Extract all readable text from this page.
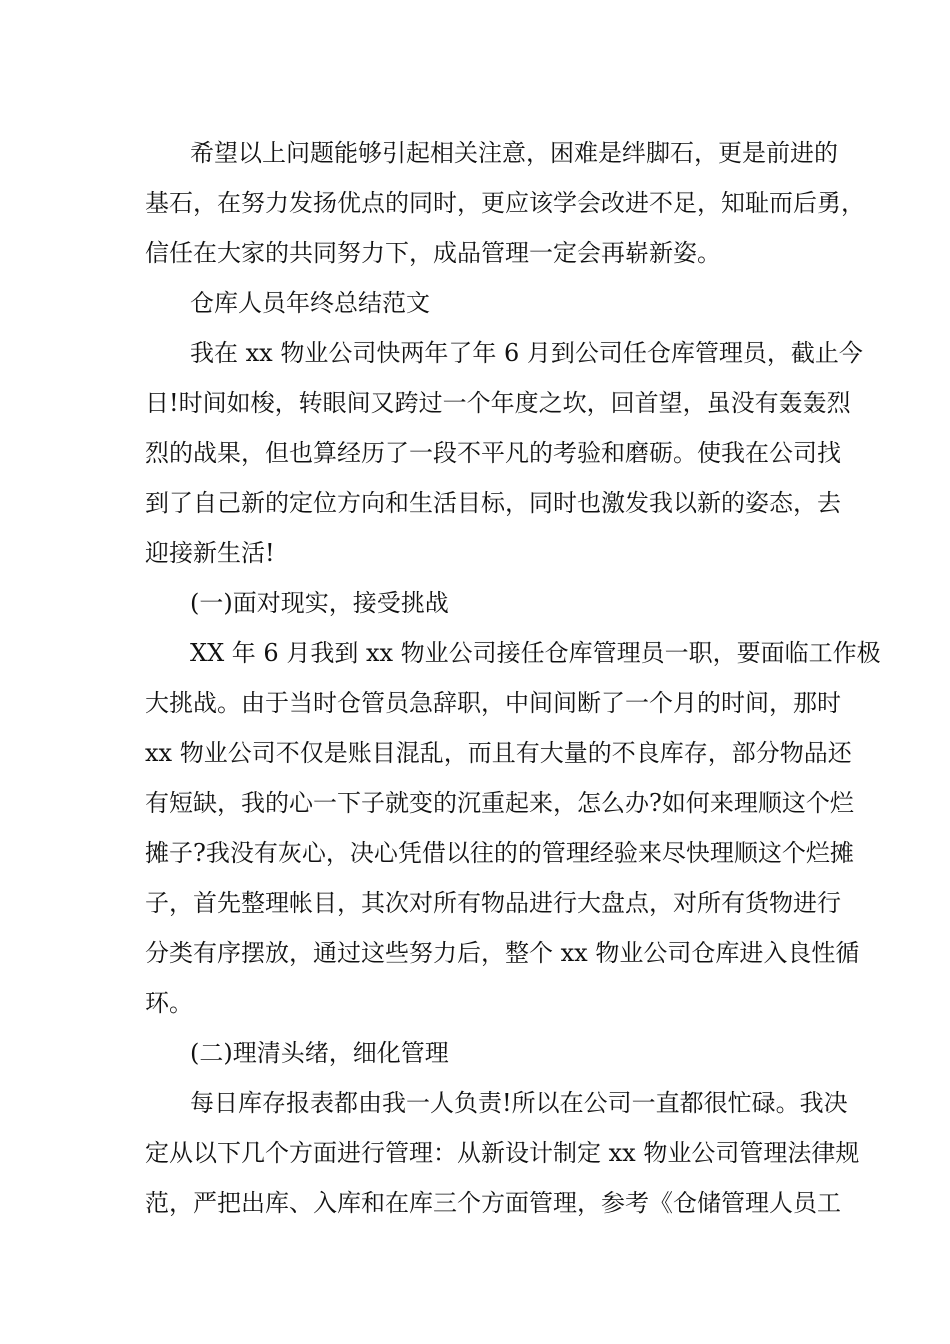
希望以上问题能够引起相关注意，困难是绊脚石，更是前进的
基石，在努力发扬优点的同时，更应该学会改进不足，知耻而后勇，
信任在大家的共同努力下，成品管理一定会再崭新姿。
仓库人员年终总结范文
我在 xx 物业公司快两年了年 6 月到公司任仓库管理员，截止今
日!时间如梭，转眼间又跨过一个年度之坎，回首望，虽没有轰轰烈
烈的战果，但也算经历了一段不平凡的考验和磨砺。使我在公司找
到了自己新的定位方向和生活目标，同时也激发我以新的姿态，去
迎接新生活!
(一)面对现实，接受挑战
XX 年 6 月我到 xx 物业公司接任仓库管理员一职，要面临工作极
大挑战。由于当时仓管员急辞职，中间间断了一个月的时间，那时
xx 物业公司不仅是账目混乱，而且有大量的不良库存，部分物品还
有短缺，我的心一下子就变的沉重起来，怎么办?如何来理顺这个烂
摊子?我没有灰心，决心凭借以往的的管理经验来尽快理顺这个烂摊
子，首先整理帐目，其次对所有物品进行大盘点，对所有货物进行
分类有序摆放，通过这些努力后，整个 xx 物业公司仓库进入良性循
环。
(二)理清头绪，细化管理
每日库存报表都由我一人负责!所以在公司一直都很忙碌。我决
定从以下几个方面进行管理：从新设计制定 xx 物业公司管理法律规
范，严把出库、入库和在库三个方面管理，参考《仓储管理人员工
